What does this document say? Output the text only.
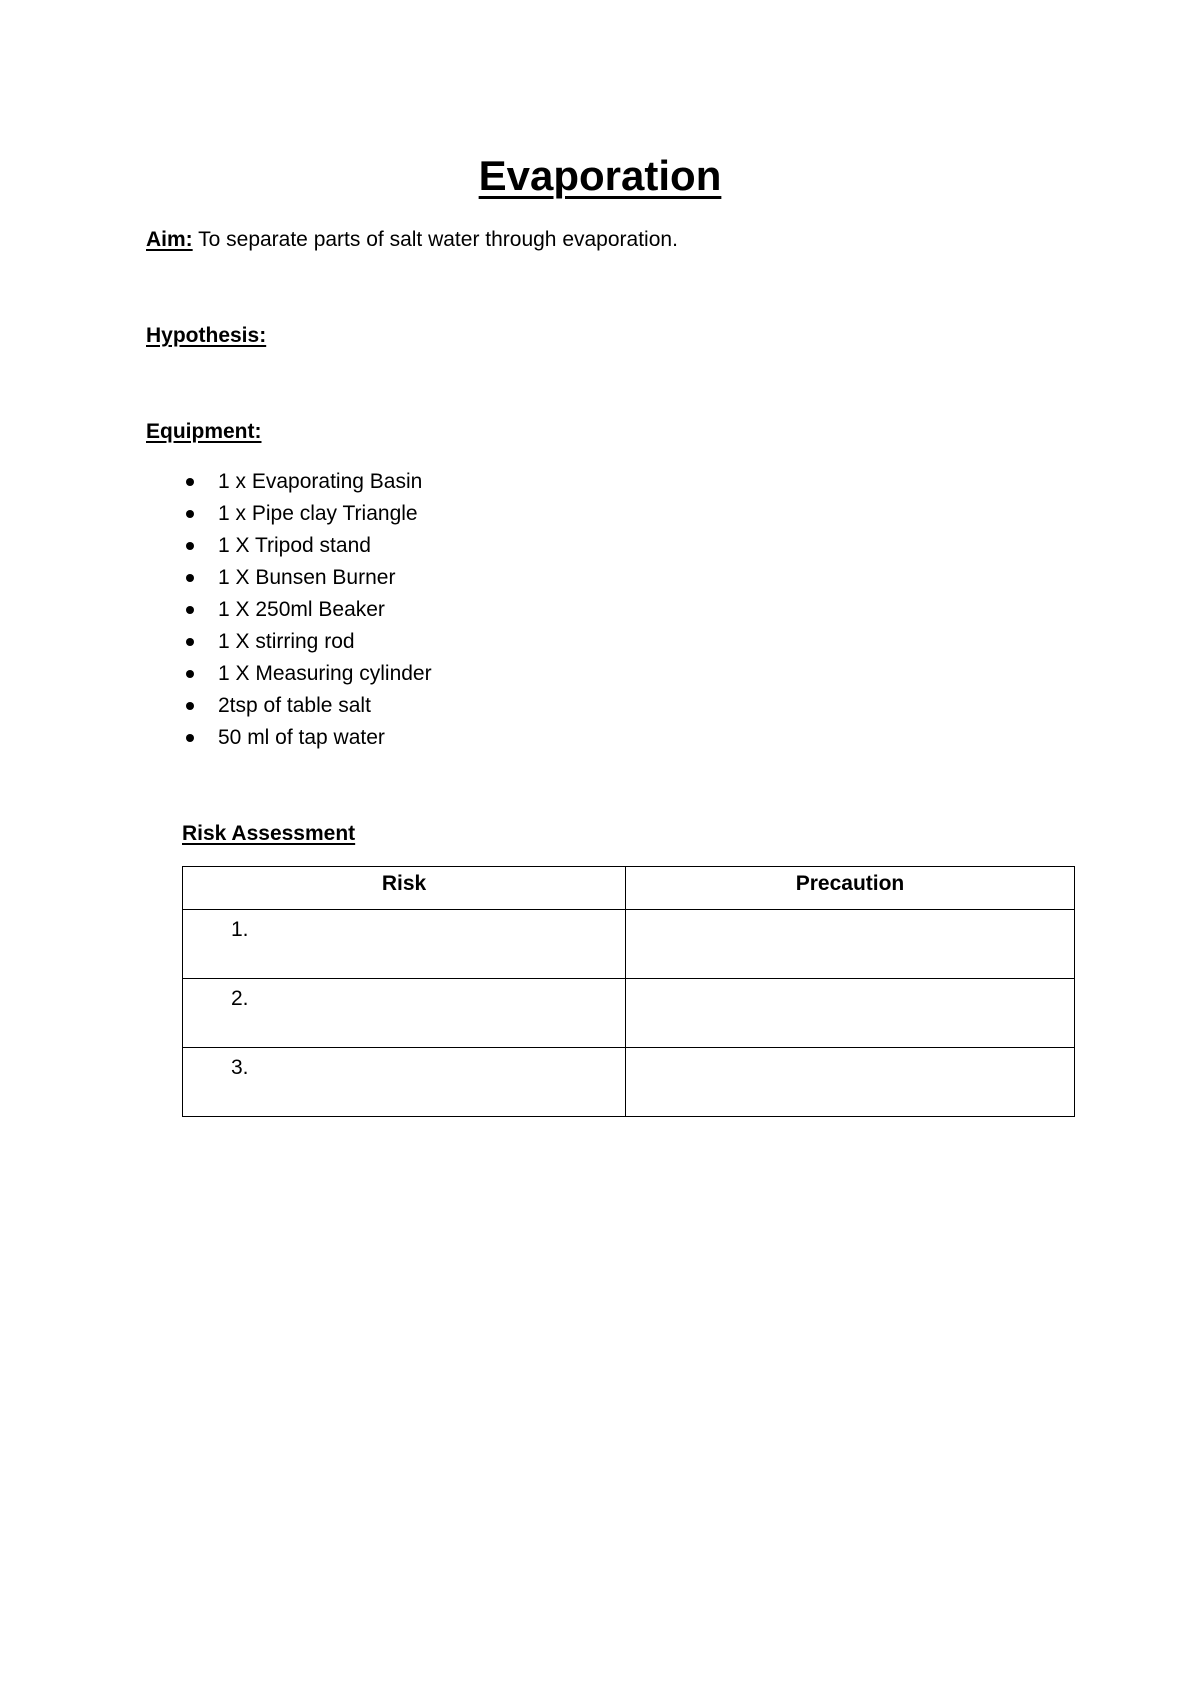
Evaporation

Aim: To separate parts of salt water through evaporation.

Hypothesis:

Equipment:

1 x Evaporating Basin
1 x Pipe clay Triangle
1 X Tripod stand
1 X Bunsen Burner
1 X 250ml Beaker
1 X stirring rod
1 X Measuring cylinder
2tsp of table salt
50 ml of tap water

Risk Assessment

Risk	Precaution
1.	
2.	
3.	
